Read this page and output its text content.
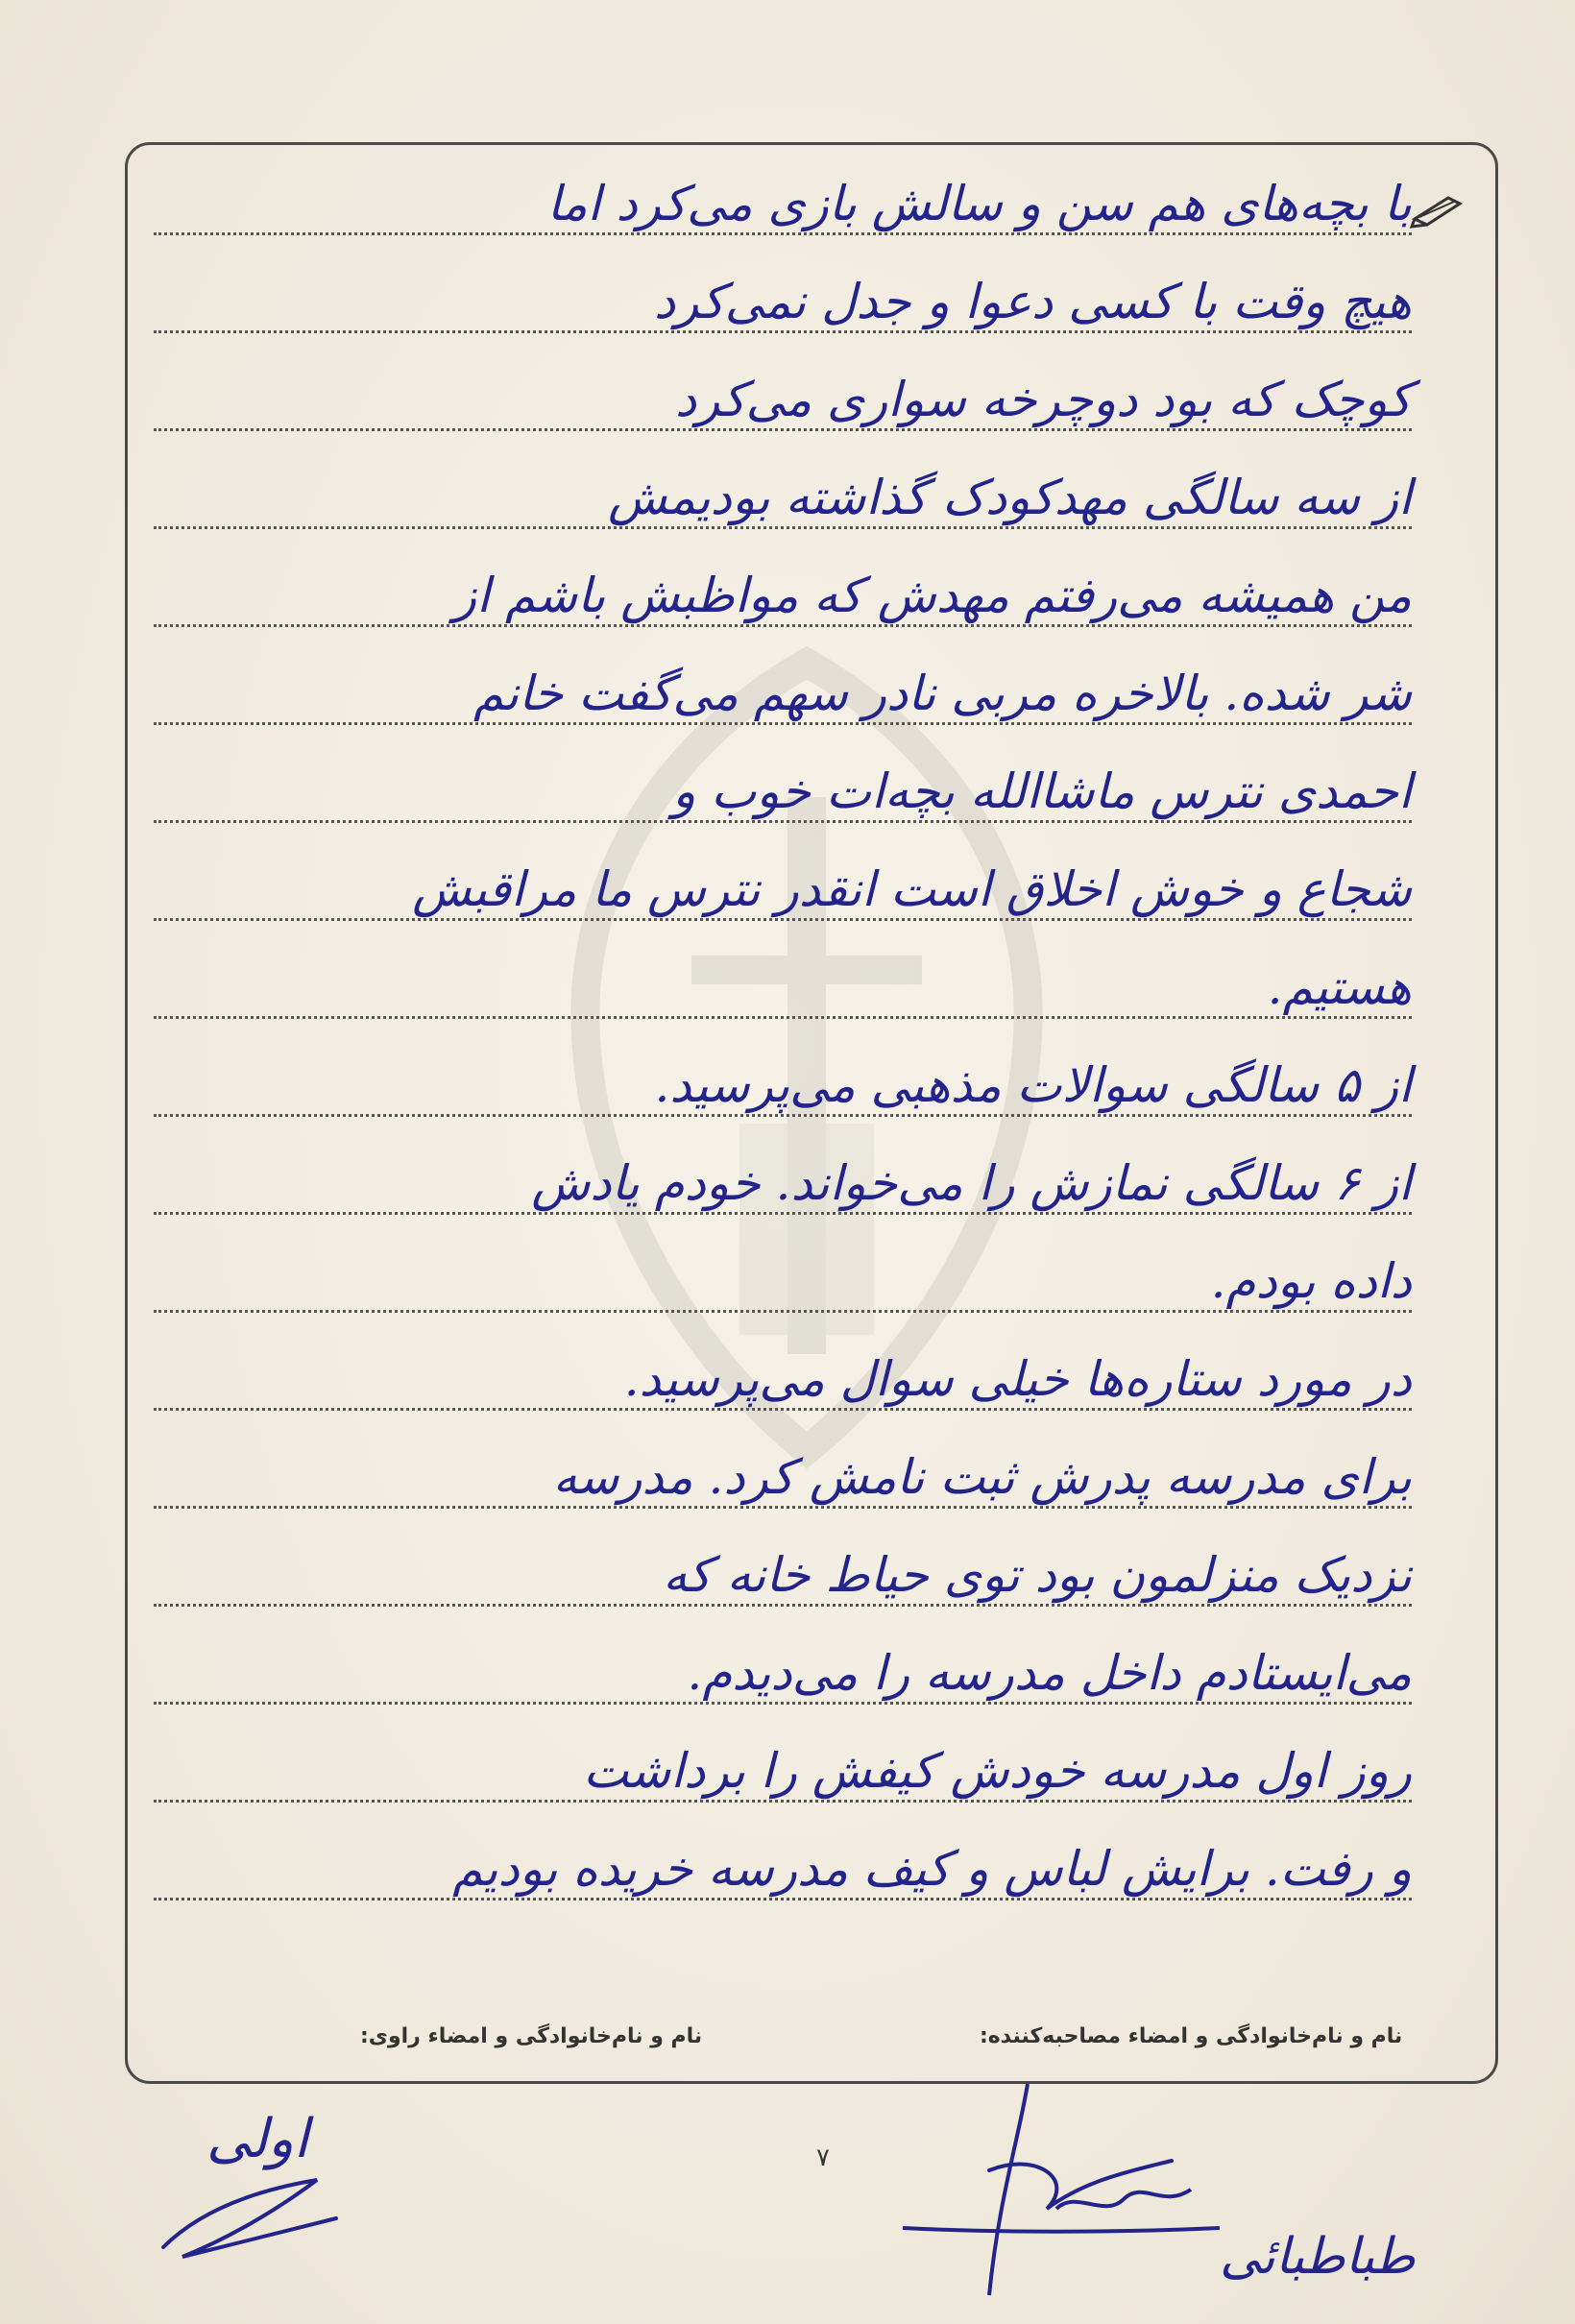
با بچه‌های هم سن و سالش بازی می‌کرد اما
هیچ وقت با کسی دعوا و جدل نمی‌کرد
کوچک که بود دوچرخه سواری می‌کرد
از سه سالگی مهدکودک گذاشته بودیمش
من همیشه می‌رفتم مهدش که مواظبش باشم از
شر شده. بالاخره مربی نادر سهم می‌گفت خانم
احمدی نترس ماشاالله بچه‌ات خوب و
شجاع و خوش اخلاق است انقدر نترس ما مراقبش
هستیم.
از ۵ سالگی سوالات مذهبی می‌پرسید.
از ۶ سالگی نمازش را می‌خواند. خودم یادش
داده بودم.
در مورد ستاره‌ها خیلی سوال می‌پرسید.
برای مدرسه پدرش ثبت نامش کرد. مدرسه
نزدیک منزلمون بود توی حیاط خانه که
می‌ایستادم داخل مدرسه را می‌دیدم.
روز اول مدرسه خودش کیفش را برداشت
و رفت. برایش لباس و کیف مدرسه خریده بودیم
نام و نام‌خانوادگی و امضاء مصاحبه‌کننده:
نام و نام‌خانوادگی و امضاء راوی:
۷
اولی
طباطبائی
